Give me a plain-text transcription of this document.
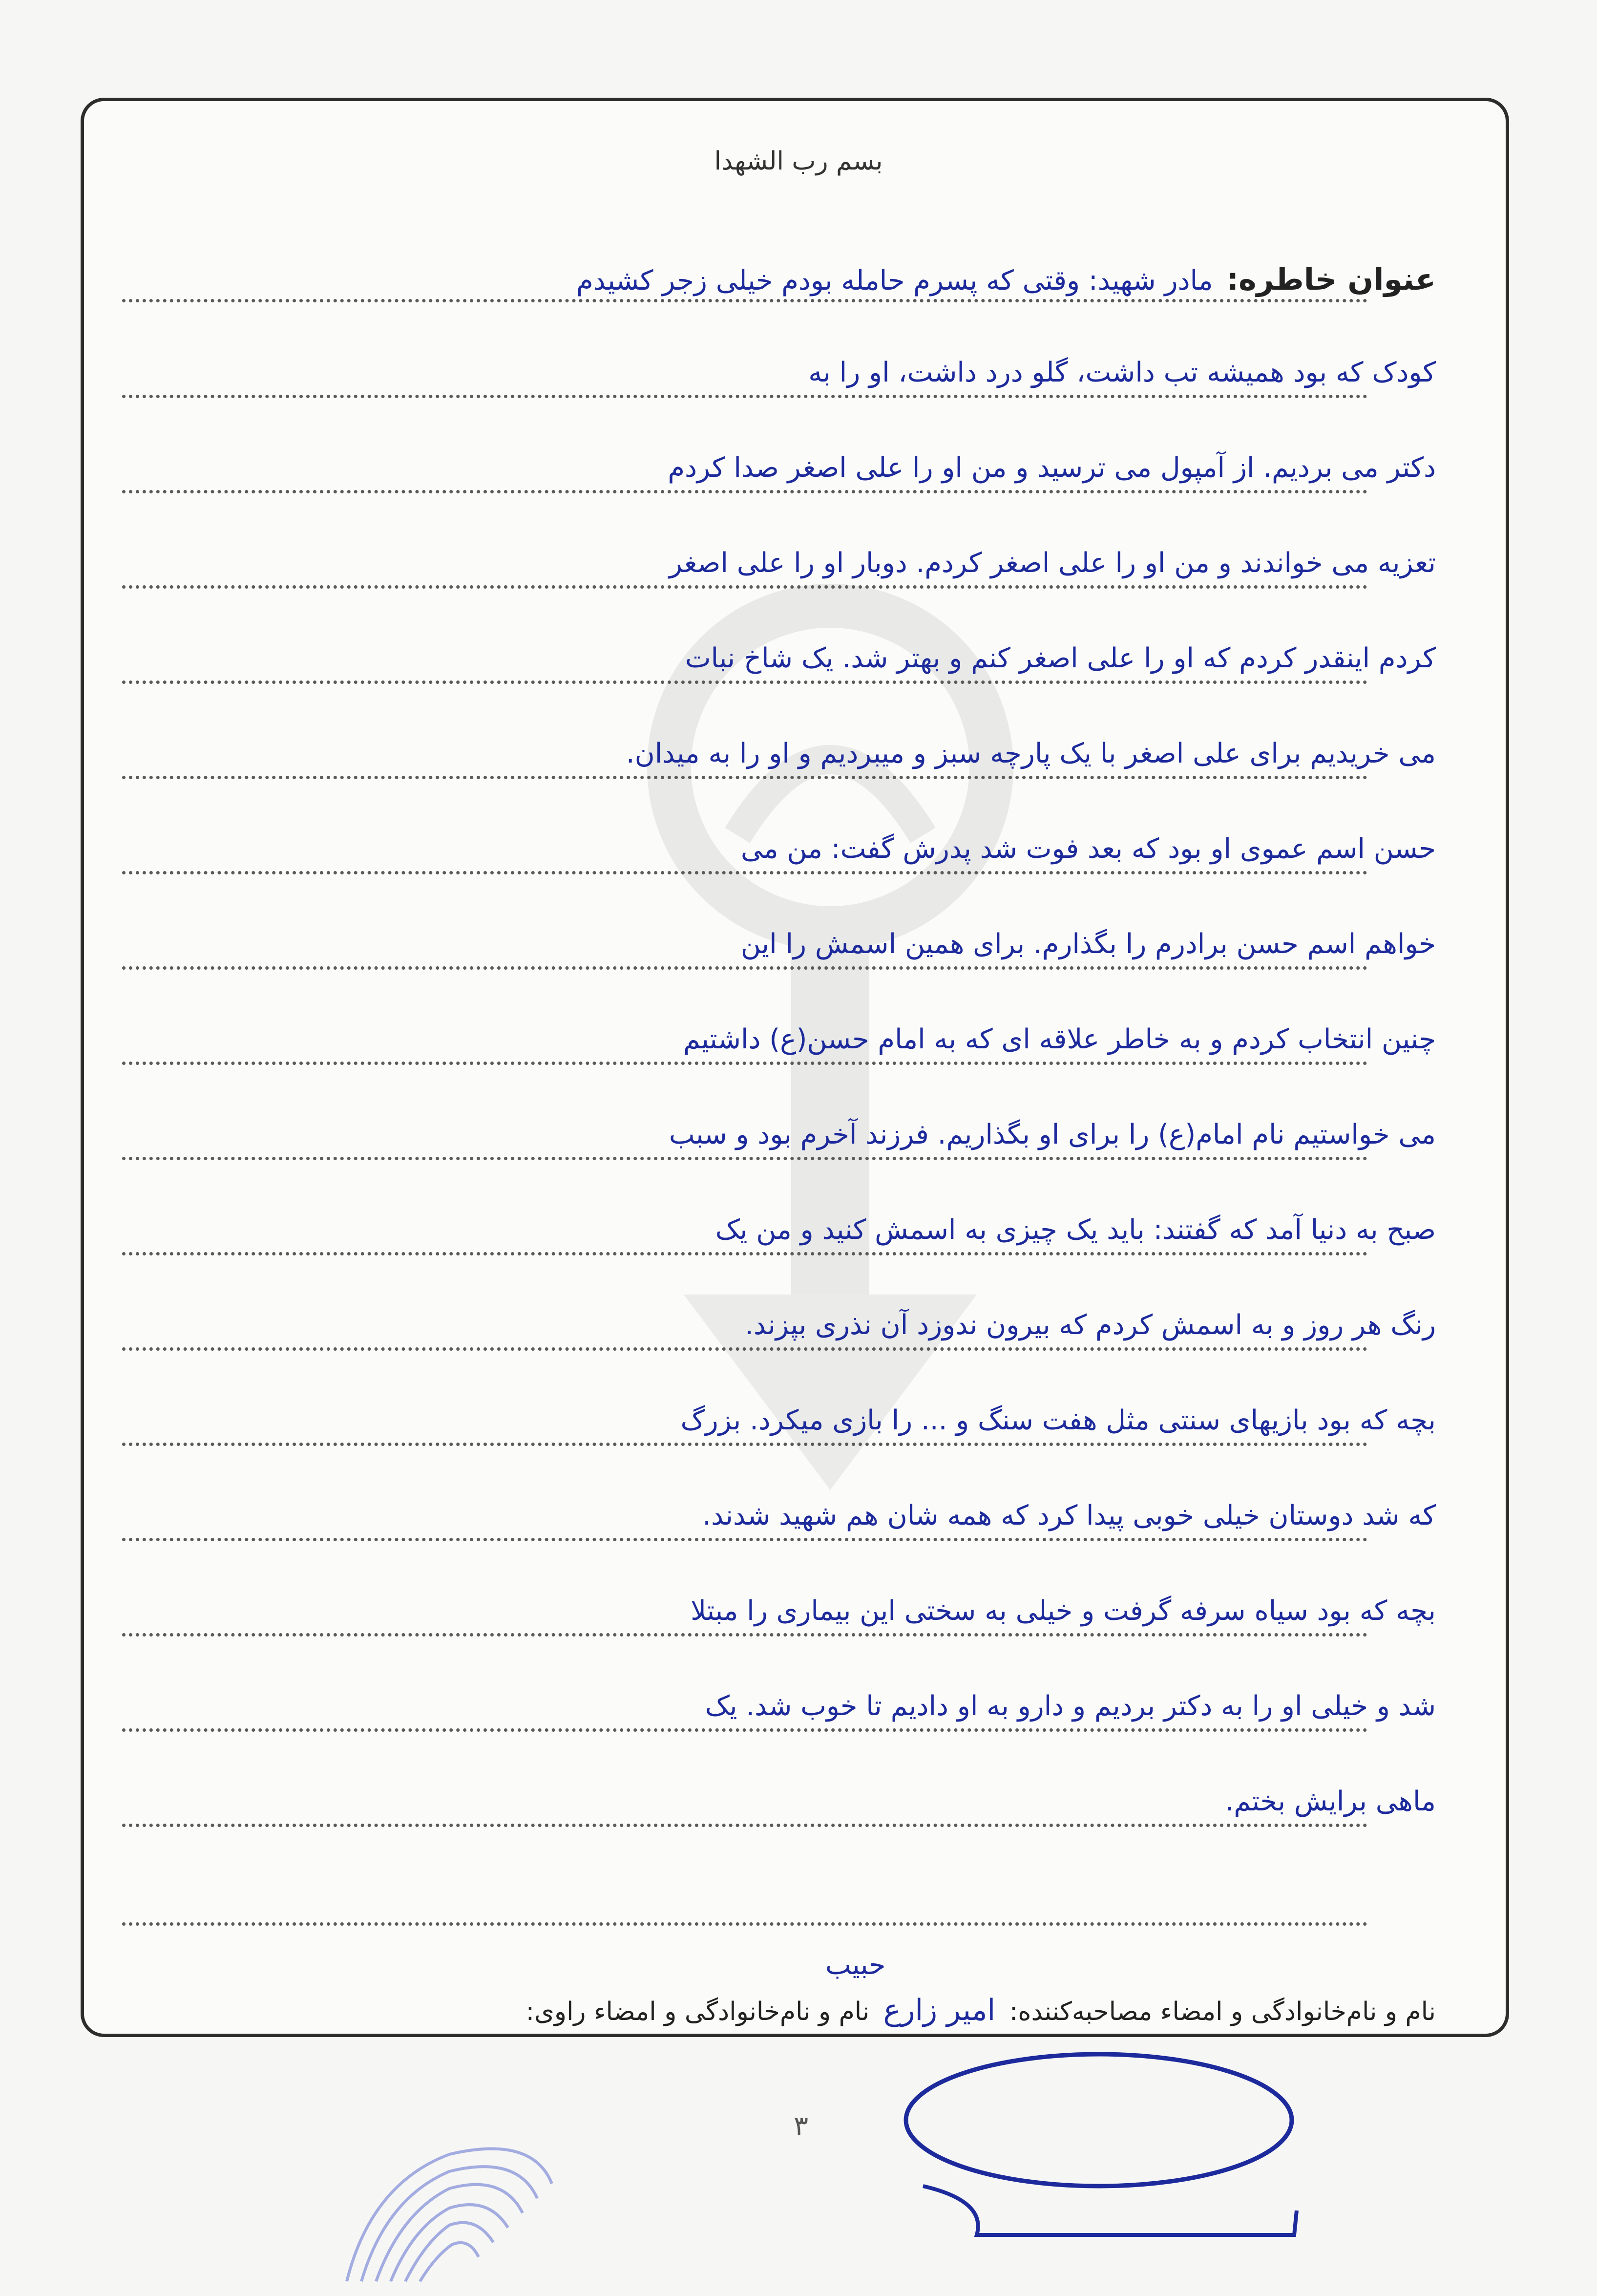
بسم رب الشهدا
عنوان خاطره: مادر شهید: وقتی که پسرم حامله بودم خیلی زجر کشیدم
کودک که بود همیشه تب داشت، گلو درد داشت، او را به
دکتر می بردیم. از آمپول می ترسید و من او را علی اصغر صدا کردم
تعزیه می خواندند و من او را علی اصغر کردم. دوبار او را علی اصغر
کردم اینقدر کردم که او را علی اصغر کنم و بهتر شد. یک شاخ نبات
می خریدیم برای علی اصغر با یک پارچه سبز و میبردیم و او را به میدان.
حسن اسم عموی او بود که بعد فوت شد پدرش گفت: من می
خواهم اسم حسن برادرم را بگذارم. برای همین اسمش را این
چنین انتخاب کردم و به خاطر علاقه ای که به امام حسن(ع) داشتیم
می خواستیم نام امام(ع) را برای او بگذاریم. فرزند آخرم بود و سبب
صبح به دنیا آمد که گفتند: باید یک چیزی به اسمش کنید و من یک
رنگ هر روز و به اسمش کردم که بیرون ندوزد آن نذری بپزند.
بچه که بود بازیهای سنتی مثل هفت سنگ و ... را بازی میکرد. بزرگ
که شد دوستان خیلی خوبی پیدا کرد که همه شان هم شهید شدند.
بچه که بود سیاه سرفه گرفت و خیلی به سختی این بیماری را مبتلا
شد و خیلی او را به دکتر بردیم و دارو به او دادیم تا خوب شد. یک
ماهی برایش بختم.
حبیب
نام و نام‌خانوادگی و امضاء مصاحبه‌کننده: امیر زارع نام و نام‌خانوادگی و امضاء راوی:
۳
